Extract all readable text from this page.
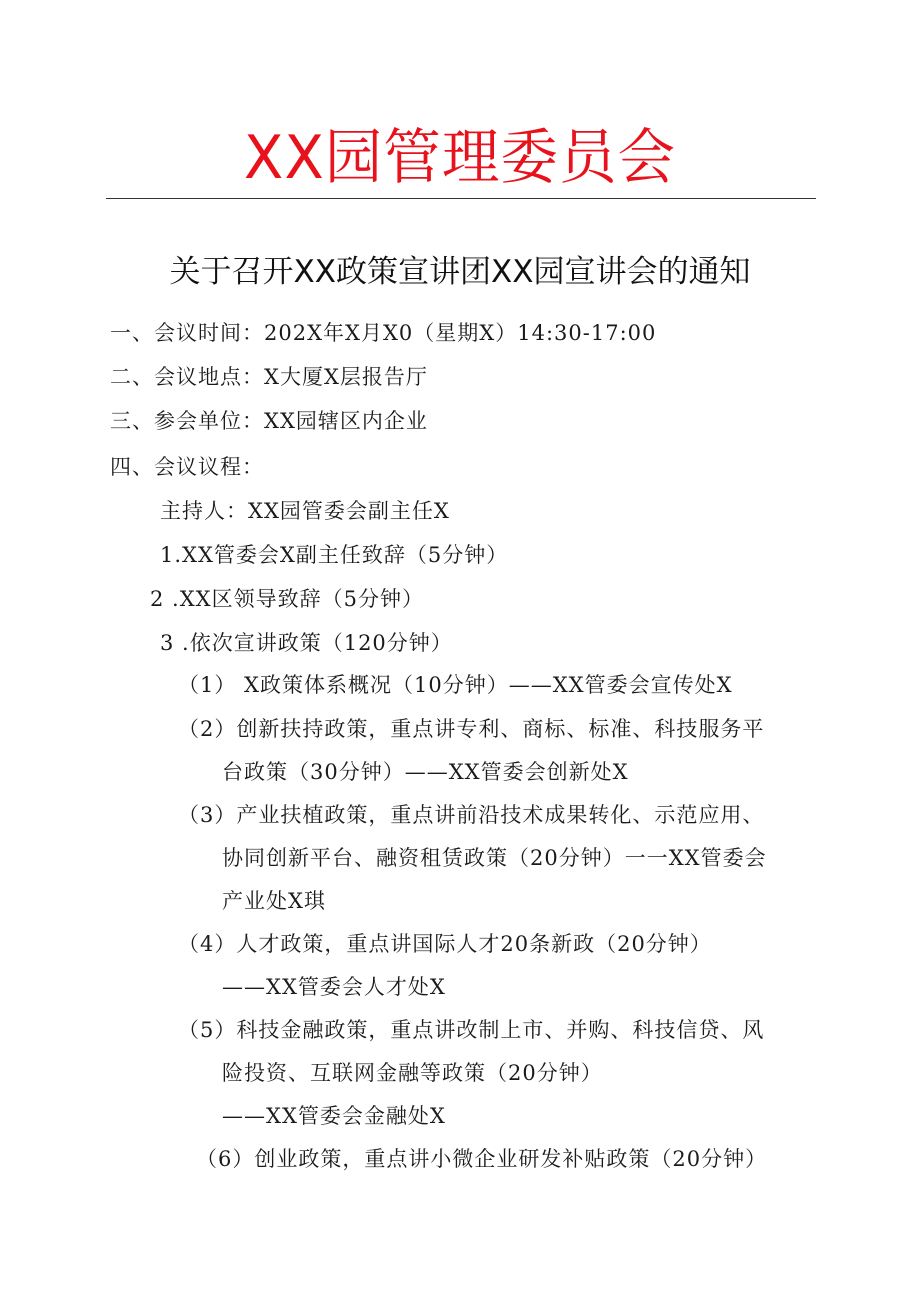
XX园管理委员会
关于召开XX政策宣讲团XX园宣讲会的通知
一、会议时间：202X年X月X0（星期X）14:30-17:00
二、会议地点：X大厦X层报告厅
三、参会单位：XX园辖区内企业
四、会议议程：
主持人：XX园管委会副主任X
1.XX管委会X副主任致辞（5分钟）
2 .XX区领导致辞（5分钟）
3 .依次宣讲政策（120分钟）
（1） X政策体系概况（10分钟）——XX管委会宣传处X
（2）创新扶持政策，重点讲专利、商标、标准、科技服务平
台政策（30分钟）——XX管委会创新处X
（3）产业扶植政策，重点讲前沿技术成果转化、示范应用、
协同创新平台、融资租赁政策（20分钟）一一XX管委会
产业处X琪
（4）人才政策，重点讲国际人才20条新政（20分钟）
——XX管委会人才处X
（5）科技金融政策，重点讲改制上市、并购、科技信贷、风
险投资、互联网金融等政策（20分钟）
——XX管委会金融处X
（6）创业政策，重点讲小微企业研发补贴政策（20分钟）
